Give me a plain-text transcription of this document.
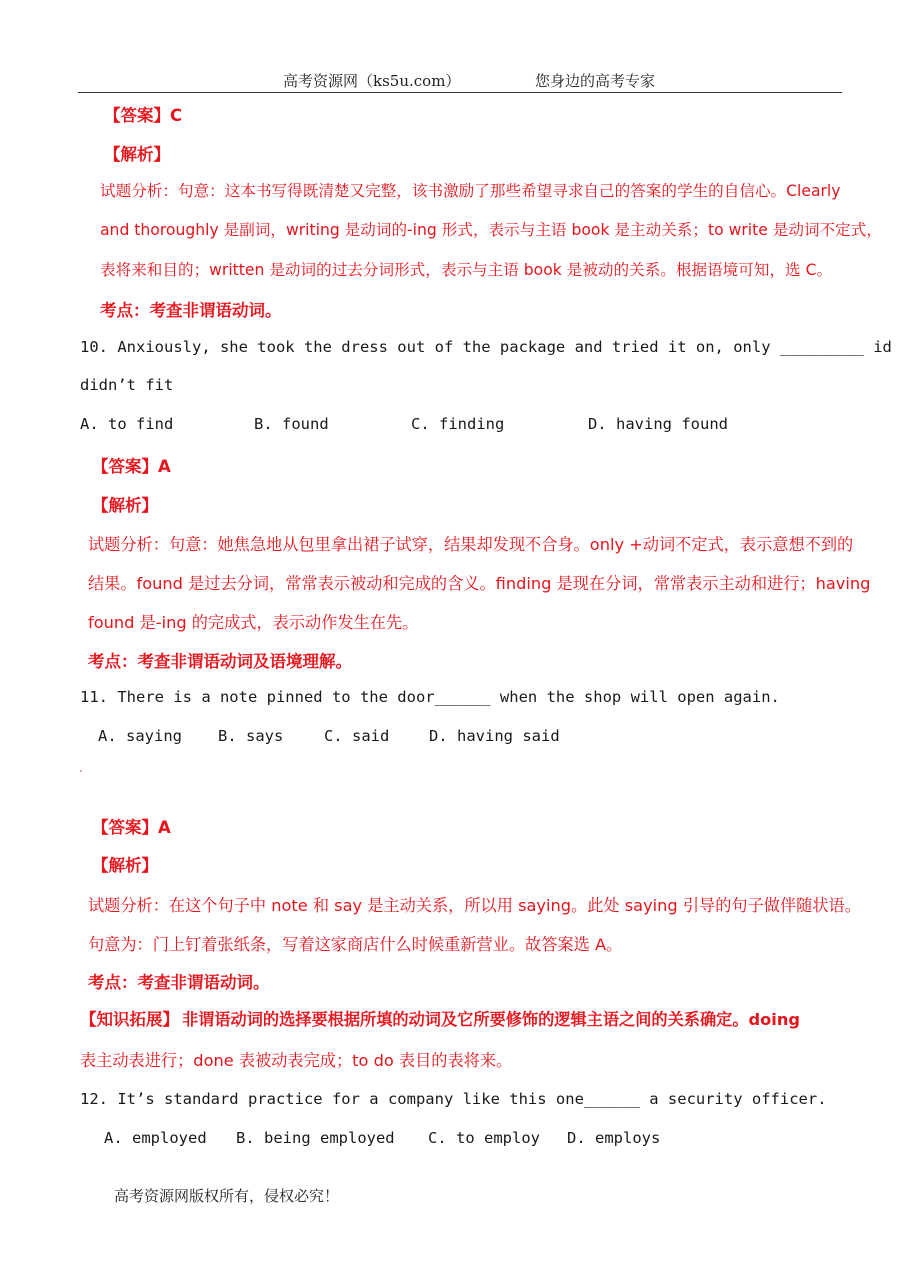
高考资源网（ks5u.com）	您身边的高考专家
【答案】C
【解析】
试题分析：句意：这本书写得既清楚又完整，该书激励了那些希望寻求自己的答案的学生的自信心。Clearly
and thoroughly 是副词，writing 是动词的-ing 形式，表示与主语 book 是主动关系；to write 是动词不定式，
表将来和目的；written 是动词的过去分词形式，表示与主语 book 是被动的关系。根据语境可知，选 C。
考点：考查非谓语动词。
10. Anxiously, she took the dress out of the package and tried it on, only _________ id
didn’t fit
A. to find	B. found	C. finding	D. having found
【答案】A
【解析】
试题分析：句意：她焦急地从包里拿出裙子试穿，结果却发现不合身。only +动词不定式，表示意想不到的
结果。found 是过去分词，常常表示被动和完成的含义。finding 是现在分词，常常表示主动和进行；having
found 是-ing 的完成式，表示动作发生在先。
考点：考查非谓语动词及语境理解。
11. There is a note pinned to the door______ when the shop will open again.
A. saying B. says	C. said	D. having said
【答案】A
【解析】
试题分析：在这个句子中 note 和 say 是主动关系，所以用 saying。此处 saying 引导的句子做伴随状语。
句意为：门上钉着张纸条，写着这家商店什么时候重新营业。故答案选 A。
考点：考查非谓语动词。
【知识拓展】 非谓语动词的选择要根据所填的动词及它所要修饰的逻辑主语之间的关系确定。doing
表主动表进行；done 表被动表完成；to do 表目的表将来。
12. It’s standard practice for a company like this one______ a security officer.
A. employed B. being employed C. to employ D. employs
高考资源网版权所有，侵权必究！
